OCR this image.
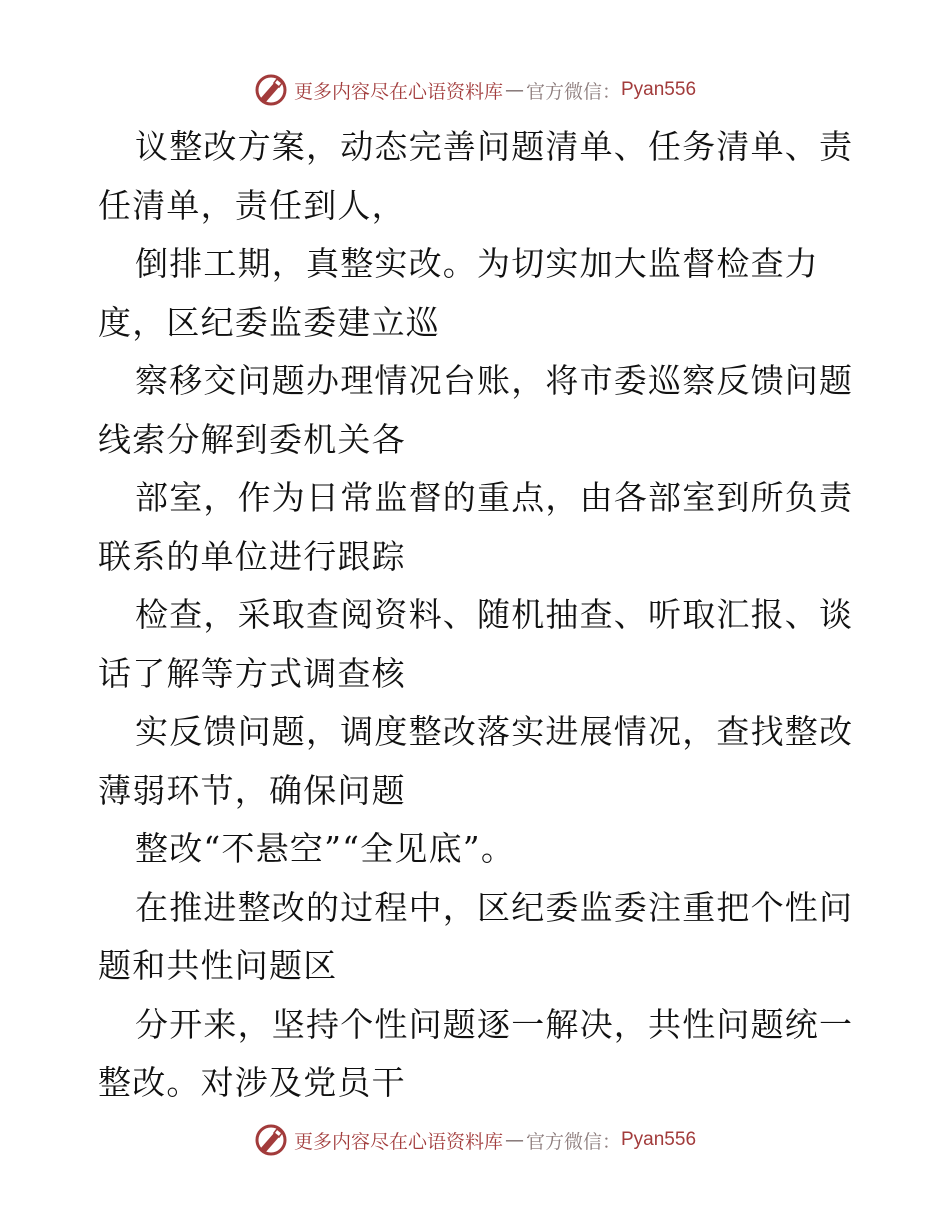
更多内容尽在心语资料库 — 官方微信： Pyan556
议整改方案，动态完善问题清单、任务清单、责
任清单，责任到人，
倒排工期，真整实改。为切实加大监督检查力
度，区纪委监委建立巡
察移交问题办理情况台账，将市委巡察反馈问题
线索分解到委机关各
部室，作为日常监督的重点，由各部室到所负责
联系的单位进行跟踪
检查，采取查阅资料、随机抽查、听取汇报、谈
话了解等方式调查核
实反馈问题，调度整改落实进展情况，查找整改
薄弱环节，确保问题
整改“不悬空”“全见底”。
在推进整改的过程中，区纪委监委注重把个性问
题和共性问题区
分开来，坚持个性问题逐一解决，共性问题统一
整改。对涉及党员干
更多内容尽在心语资料库 — 官方微信： Pyan556
